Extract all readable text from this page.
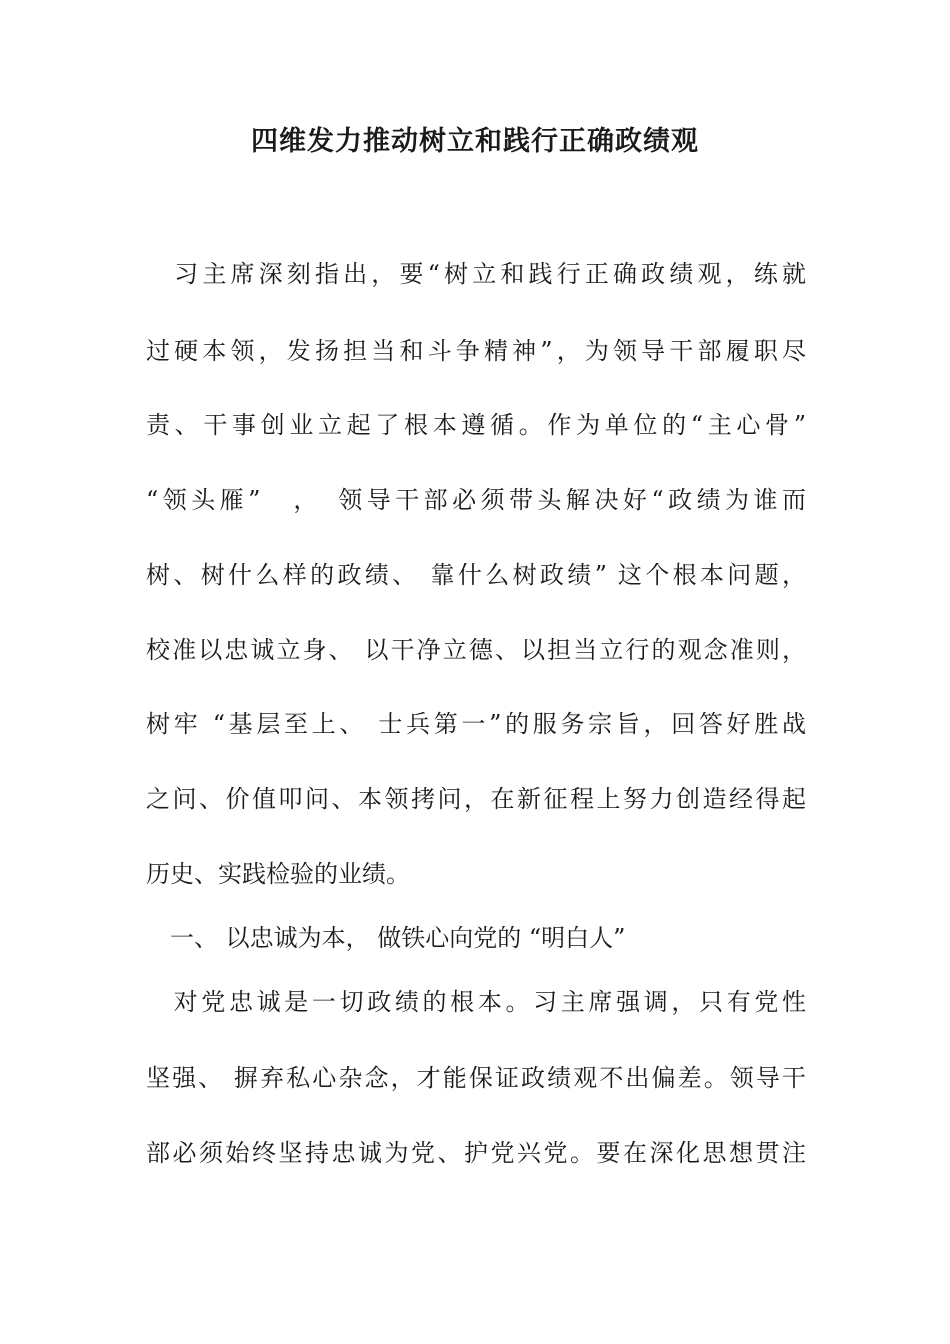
四维发力推动树立和践行正确政绩观
　习主席深刻指出，要“树立和践行正确政绩观，练就
过硬本领，发扬担当和斗争精神”，为领导干部履职尽
责、干事创业立起了根本遵循。作为单位的“主心骨”
“领头雁”　，　领导干部必须带头解决好“政绩为谁而
树、树什么样的政绩、 靠什么树政绩” 这个根本问题，
校准以忠诚立身、 以干净立德、以担当立行的观念准则，
树牢 “基层至上、 士兵第一”的服务宗旨，回答好胜战
之问、价值叩问、本领拷问，在新征程上努力创造经得起
历史、实践检验的业绩。
　一、 以忠诚为本， 做铁心向党的 “明白人”
　对党忠诚是一切政绩的根本。习主席强调，只有党性
坚强、 摒弃私心杂念，才能保证政绩观不出偏差。领导干
部必须始终坚持忠诚为党、护党兴党。要在深化思想贯注
